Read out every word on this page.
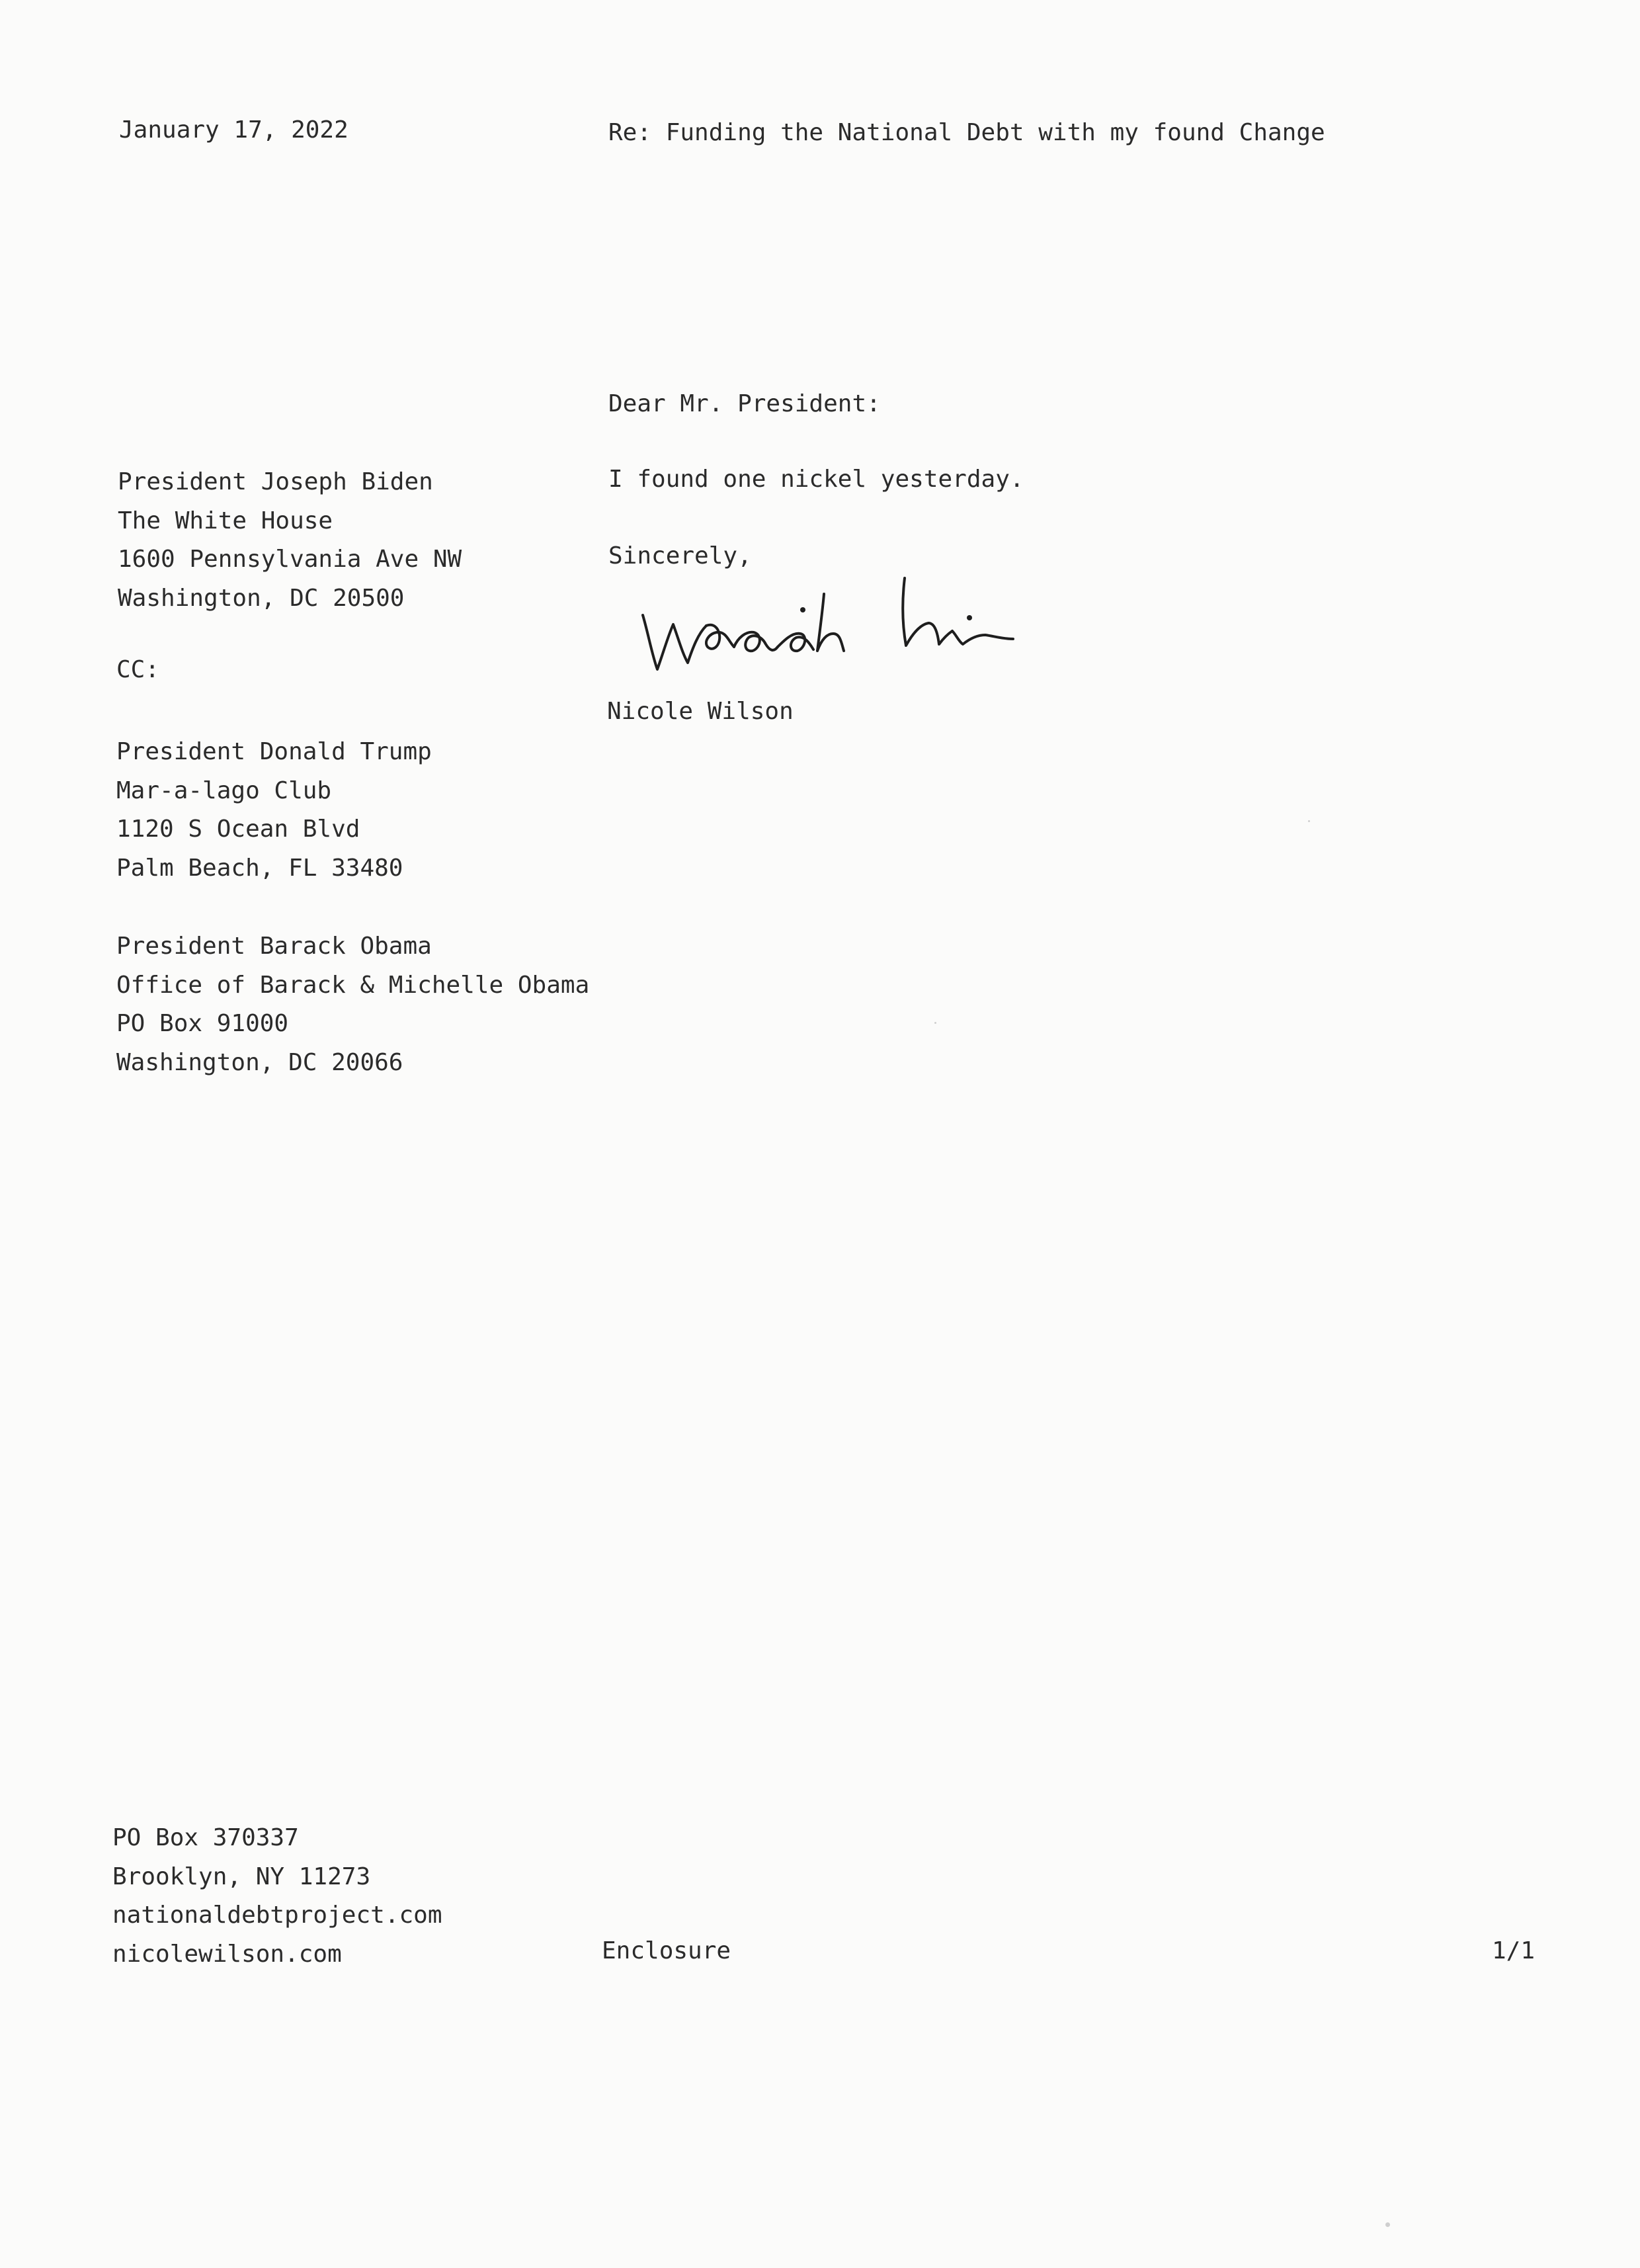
January 17, 2022	Re: Funding the National Debt with my found Change
Dear Mr. President:
I found one nickel yesterday.
Sincerely,
Nicole Wilson
President Joseph Biden
The White House
1600 Pennsylvania Ave NW
Washington, DC 20500
CC:
President Donald Trump
Mar-a-lago Club
1120 S Ocean Blvd
Palm Beach, FL 33480
President Barack Obama
Office of Barack & Michelle Obama
PO Box 91000
Washington, DC 20066
PO Box 370337
Brooklyn, NY 11273
nationaldebtproject.com
nicolewilson.com	Enclosure	1/1
